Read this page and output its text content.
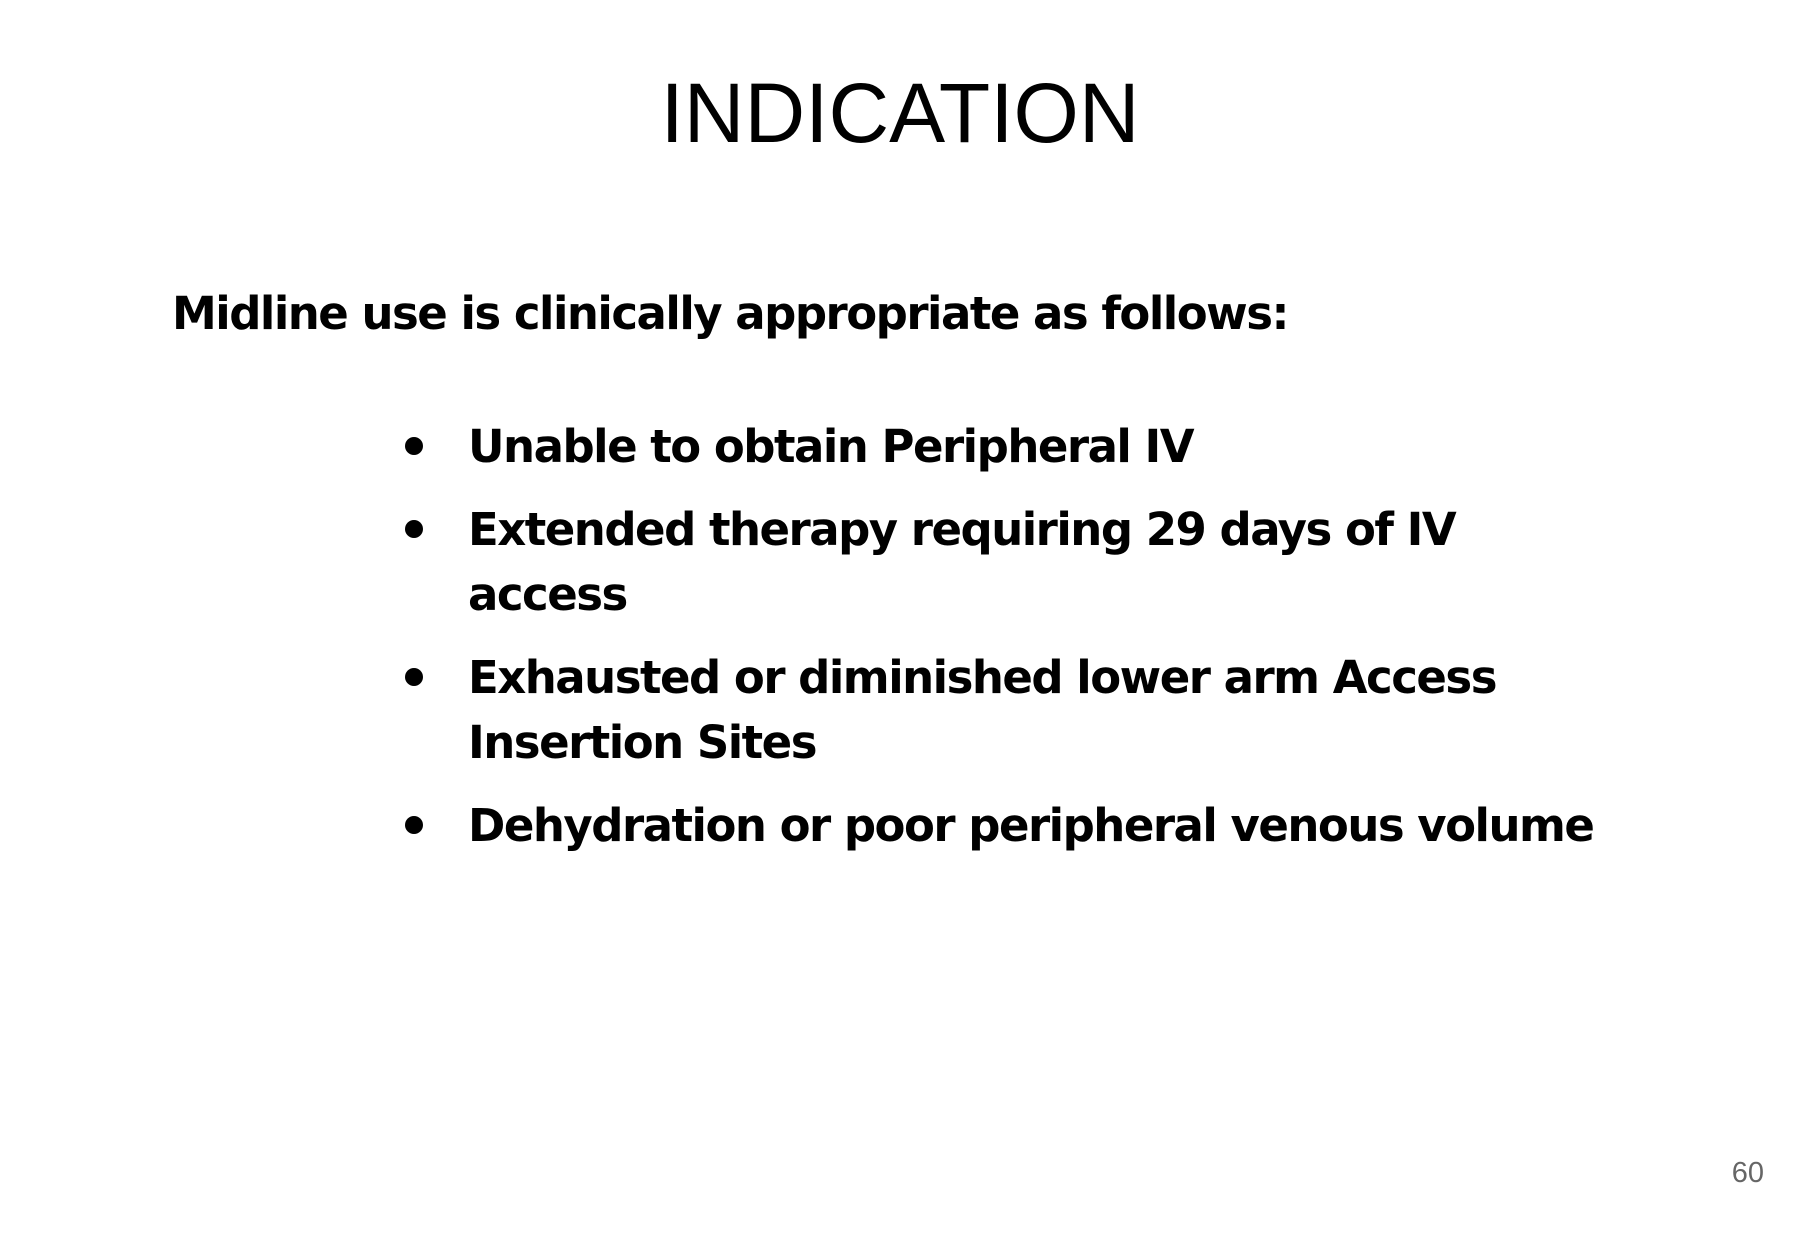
INDICATION

Midline use is clinically appropriate as follows:

Unable to obtain Peripheral IV
Extended therapy requiring 29 days of IV access
Exhausted or diminished lower arm Access Insertion Sites
Dehydration or poor peripheral venous volume
60
